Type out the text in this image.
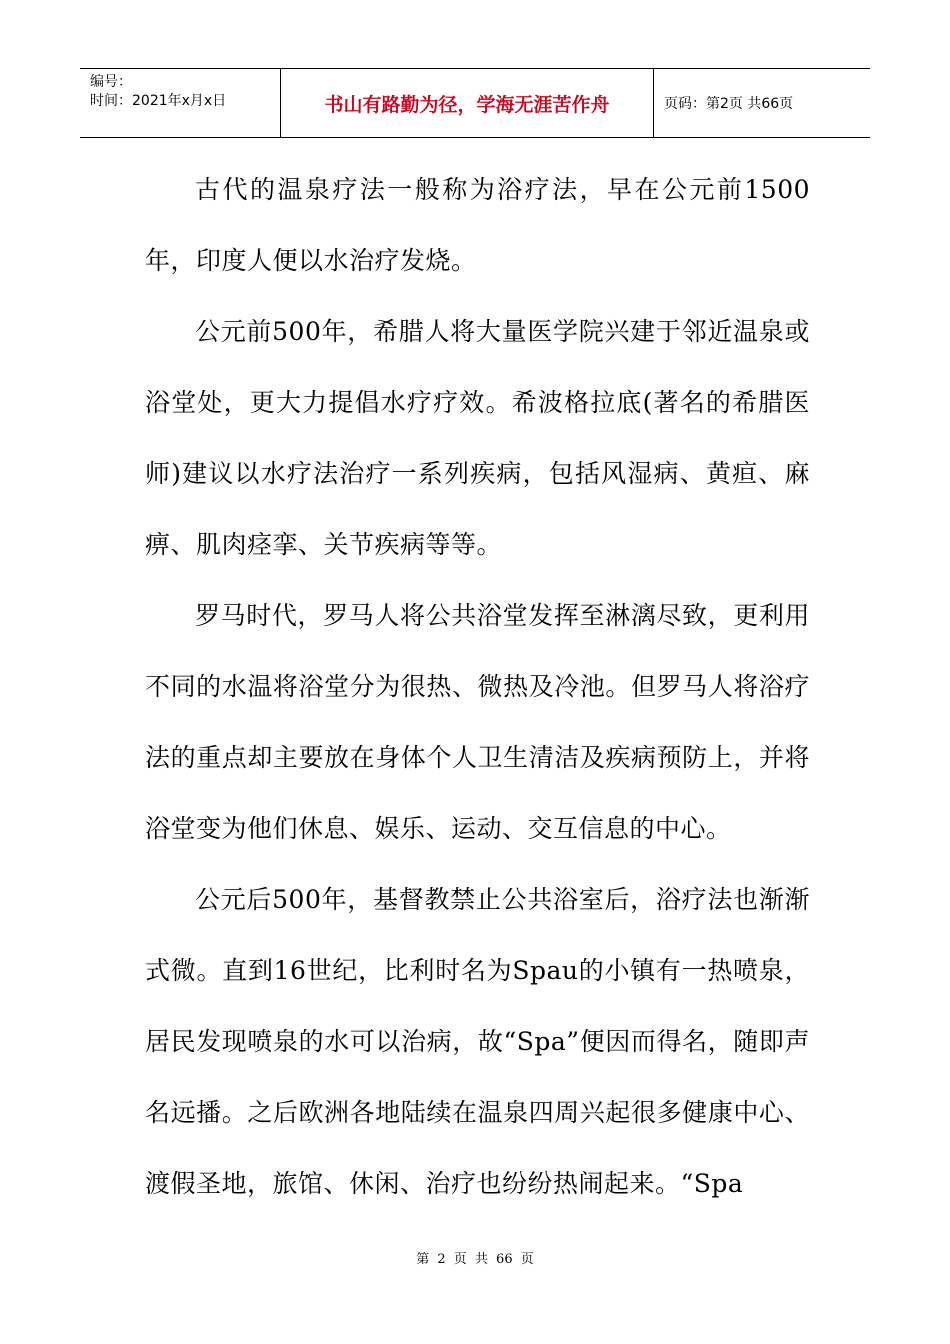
编号：
时间：2021年x月x日	书山有路勤为径，学海无涯苦作舟	页码：第2页 共66页

古代的温泉疗法一般称为浴疗法，早在公元前1500年，印度人便以水治疗发烧。

公元前500年，希腊人将大量医学院兴建于邻近温泉或浴堂处，更大力提倡水疗疗效。希波格拉底(著名的希腊医师)建议以水疗法治疗一系列疾病，包括风湿病、黄疸、麻痹、肌肉痉挛、关节疾病等等。

罗马时代，罗马人将公共浴堂发挥至淋漓尽致，更利用不同的水温将浴堂分为很热、微热及冷池。但罗马人将浴疗法的重点却主要放在身体个人卫生清洁及疾病预防上，并将浴堂变为他们休息、娱乐、运动、交互信息的中心。

公元后500年，基督教禁止公共浴室后，浴疗法也渐渐式微。直到16世纪，比利时名为Spau的小镇有一热喷泉，居民发现喷泉的水可以治病，故“Spa”便因而得名，随即声名远播。之后欧洲各地陆续在温泉四周兴起很多健康中心、渡假圣地，旅馆、休闲、治疗也纷纷热闹起来。“Spa

第 2 页 共 66 页
